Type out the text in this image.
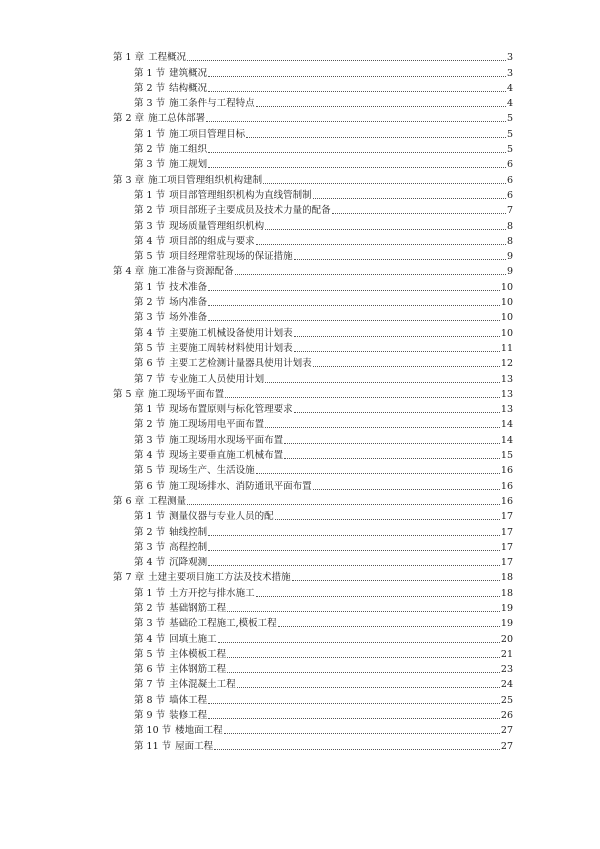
第 1 章 工程概况	3
第 1 节 建筑概况	3
第 2 节 结构概况	4
第 3 节 施工条件与工程特点	4
第 2 章 施工总体部署	5
第 1 节 施工项目管理目标	5
第 2 节 施工组织	5
第 3 节 施工规划	6
第 3 章 施工项目管理组织机构建制	6
第 1 节 项目部管理组织机构为直线管制制	6
第 2 节 项目部班子主要成员及技术力量的配备	7
第 3 节 现场质量管理组织机构	8
第 4 节 项目部的组成与要求	8
第 5 节 项目经理常驻现场的保证措施	9
第 4 章 施工准备与资源配备	9
第 1 节 技术准备	10
第 2 节 场内准备	10
第 3 节 场外准备	10
第 4 节 主要施工机械设备使用计划表	10
第 5 节 主要施工周转材料使用计划表	11
第 6 节 主要工艺检测计量器具使用计划表	12
第 7 节 专业施工人员使用计划	13
第 5 章 施工现场平面布置	13
第 1 节 现场布置原则与标化管理要求	13
第 2 节 施工现场用电平面布置	14
第 3 节 施工现场用水现场平面布置	14
第 4 节 现场主要垂直施工机械布置	15
第 5 节 现场生产、生活设施	16
第 6 节 施工现场排水、消防通讯平面布置	16
第 6 章 工程测量	16
第 1 节 测量仪器与专业人员的配	17
第 2 节 轴线控制	17
第 3 节 高程控制	17
第 4 节 沉降观测	17
第 7 章 土建主要项目施工方法及技术措施	18
第 1 节 土方开挖与排水施工	18
第 2 节 基础钢筋工程	19
第 3 节 基础砼工程施工,模板工程	19
第 4 节 回填土施工	20
第 5 节 主体模板工程	21
第 6 节 主体钢筋工程	23
第 7 节 主体混凝土工程	24
第 8 节 墙体工程	25
第 9 节 装修工程	26
第 10 节 楼地面工程	27
第 11 节 屋面工程	27
